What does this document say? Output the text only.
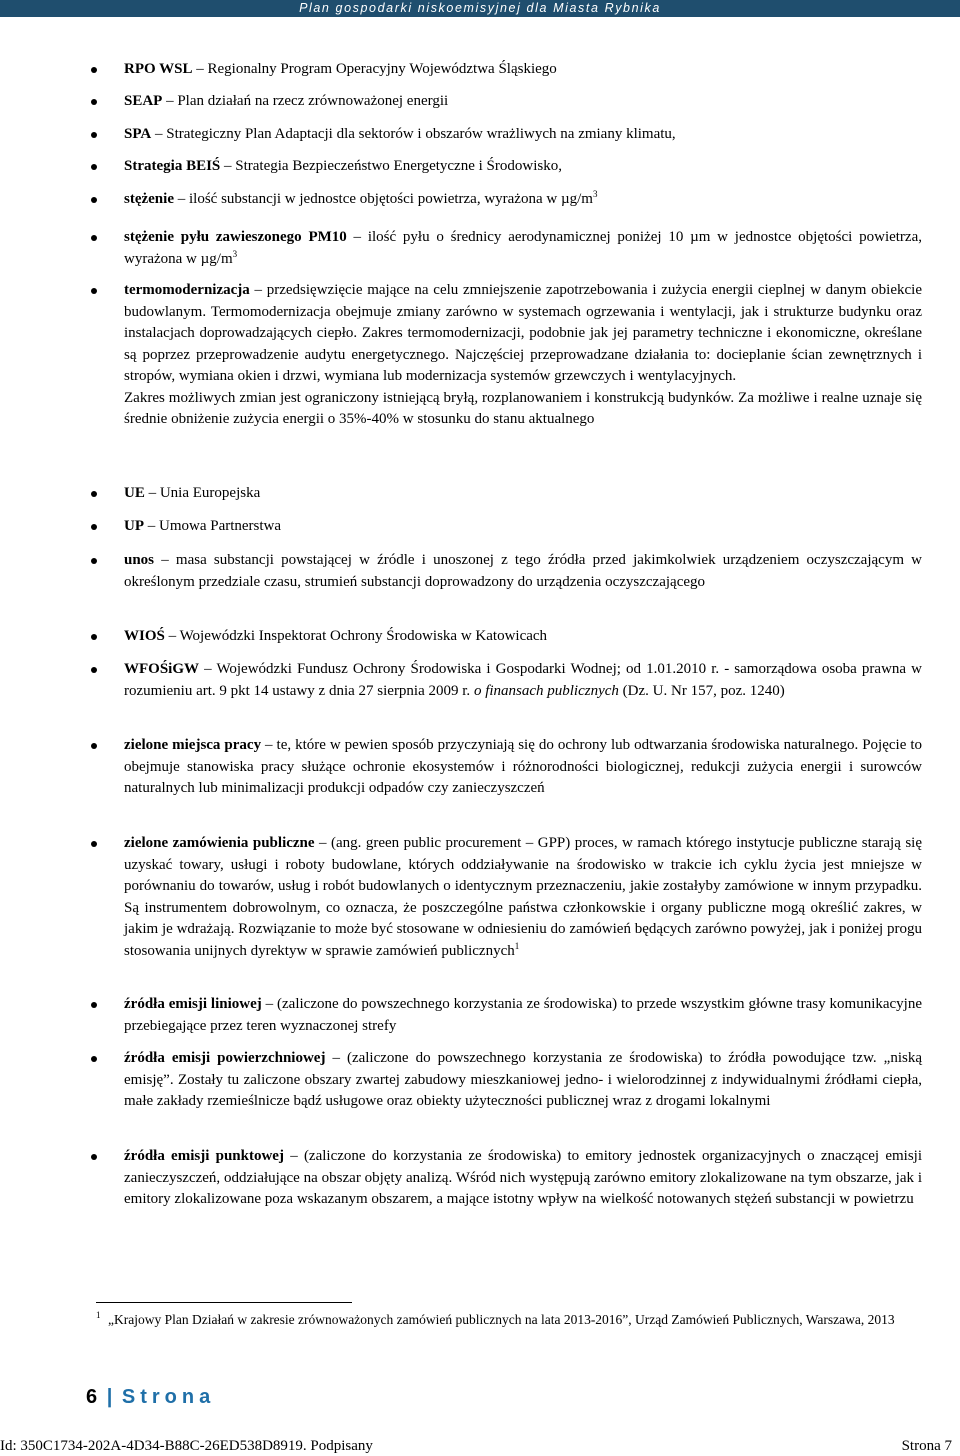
Plan gospodarki niskoemisyjnej dla Miasta Rybnika

RPO WSL – Regionalny Program Operacyjny Województwa Śląskiego

SEAP – Plan działań na rzecz zrównoważonej energii

SPA – Strategiczny Plan Adaptacji dla sektorów i obszarów wrażliwych na zmiany klimatu,

Strategia BEIŚ – Strategia Bezpieczeństwo Energetyczne i Środowisko,

stężenie – ilość substancji w jednostce objętości powietrza, wyrażona w $\mu g/m^3$

stężenie pyłu zawieszonego PM10 – ilość pyłu o średnicy aerodynamicznej poniżej 10 µm w jednostce objętości powietrza, wyrażona w $\mu g/m^3$

termomodernizacja – przedsięwzięcie mające na celu zmniejszenie zapotrzebowania i zużycia energii cieplnej w danym obiekcie budowlanym. Termomodernizacja obejmuje zmiany zarówno w systemach ogrzewania i wentylacji, jak i strukturze budynku oraz instalacjach doprowadzających ciepło. Zakres termomodernizacji, podobnie jak jej parametry techniczne i ekonomiczne, określane są poprzez przeprowadzenie audytu energetycznego. Najczęściej przeprowadzane działania to: docieplanie ścian zewnętrznych i stropów, wymiana okien i drzwi, wymiana lub modernizacja systemów grzewczych i wentylacyjnych.

Zakres możliwych zmian jest ograniczony istniejącą bryłą, rozplanowaniem i konstrukcją budynków. Za możliwe i realne uznaje się średnie obniżenie zużycia energii o 35%-40% w stosunku do stanu aktualnego

UE – Unia Europejska

UP – Umowa Partnerstwa

unos – masa substancji powstającej w źródle i unoszonej z tego źródła przed jakimkolwiek urządzeniem oczyszczającym w określonym przedziale czasu, strumień substancji doprowadzony do urządzenia oczyszczającego

WIOŚ – Wojewódzki Inspektorat Ochrony Środowiska w Katowicach

WFOŚiGW – Wojewódzki Fundusz Ochrony Środowiska i Gospodarki Wodnej; od 1.01.2010 r. - samorządowa osoba prawna w rozumieniu art. 9 pkt 14 ustawy z dnia 27 sierpnia 2009 r. o finansach publicznych (Dz. U. Nr 157, poz. 1240)

zielone miejsca pracy – te, które w pewien sposób przyczyniają się do ochrony lub odtwarzania środowiska naturalnego. Pojęcie to obejmuje stanowiska pracy służące ochronie ekosystemów i różnorodności biologicznej, redukcji zużycia energii i surowców naturalnych lub minimalizacji produkcji odpadów czy zanieczyszczeń

zielone zamówienia publiczne – (ang. green public procurement – GPP) proces, w ramach którego instytucje publiczne starają się uzyskać towary, usługi i roboty budowlane, których oddziaływanie na środowisko w trakcie ich cyklu życia jest mniejsze w porównaniu do towarów, usług i robót budowlanych o identycznym przeznaczeniu, jakie zostałyby zamówione w innym przypadku. Są instrumentem dobrowolnym, co oznacza, że poszczególne państwa członkowskie i organy publiczne mogą określić zakres, w jakim je wdrażają. Rozwiązanie to może być stosowane w odniesieniu do zamówień będących zarówno powyżej, jak i poniżej progu stosowania unijnych dyrektyw w sprawie zamówień publicznych$^1$

źródła emisji liniowej – (zaliczone do powszechnego korzystania ze środowiska) to przede wszystkim główne trasy komunikacyjne przebiegające przez teren wyznaczonej strefy

źródła emisji powierzchniowej – (zaliczone do powszechnego korzystania ze środowiska) to źródła powodujące tzw. „niską emisję”. Zostały tu zaliczone obszary zwartej zabudowy mieszkaniowej jedno- i wielorodzinnej z indywidualnymi źródłami ciepła, małe zakłady rzemieślnicze bądź usługowe oraz obiekty użyteczności publicznej wraz z drogami lokalnymi

źródła emisji punktowej – (zaliczone do korzystania ze środowiska) to emitory jednostek organizacyjnych o znaczącej emisji zanieczyszczeń, oddziałujące na obszar objęty analizą. Wśród nich występują zarówno emitory zlokalizowane na tym obszarze, jak i emitory zlokalizowane poza wskazanym obszarem, a mające istotny wpływ na wielkość notowanych stężeń substancji w powietrzu

1 „Krajowy Plan Działań w zakresie zrównoważonych zamówień publicznych na lata 2013-2016”, Urząd Zamówień Publicznych, Warszawa, 2013
6 | Strona
Id: 350C1734-202A-4D34-B88C-26ED538D8919. Podpisany	Strona 7
